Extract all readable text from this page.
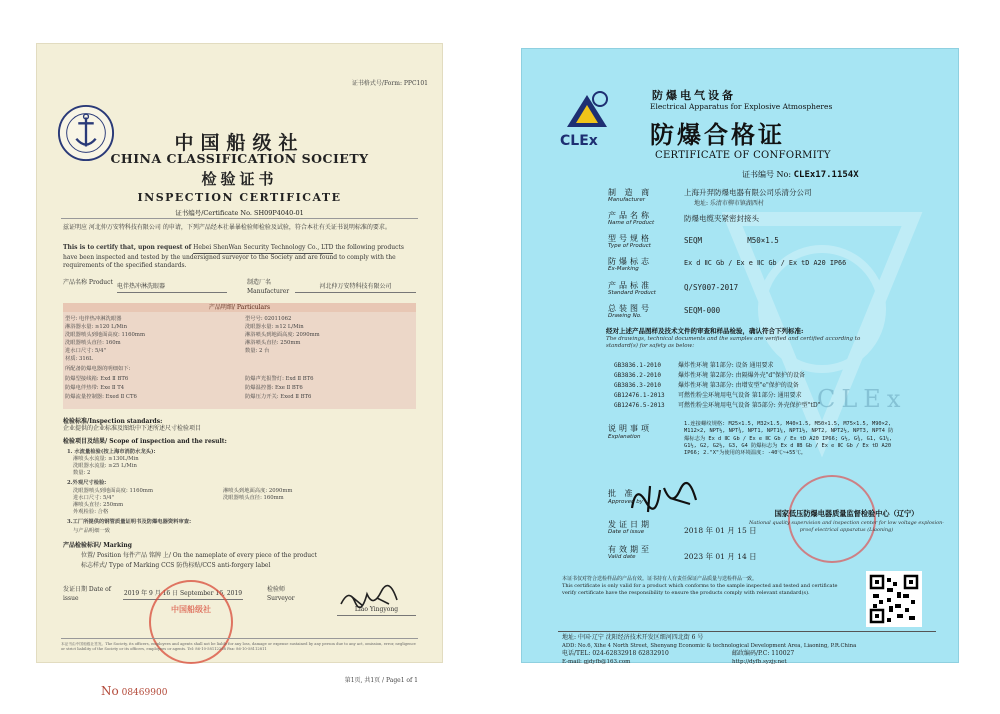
证书格式号/Form: PPC101
中国船级社
CHINA CLASSIFICATION SOCIETY
检验证书
INSPECTION CERTIFICATE
证书编号/Certificate No. SH09P4040-01
兹证明应 河北仲万安特科技有限公司 的申请，下列产品经本社暴暴检验师检验及试验，符合本社有关证书说明标准的要求。
This is to certify that, upon request of Hebei ShenWan Security Technology Co., LTD the following products have been inspected and tested by the undersigned surveyor to the Society and are found to comply with the requirements of the specified standards.
产品名称 Product
电伴热冲淋洗眼器
制造厂名 Manufacturer
河北仲万安特科技有限公司
产品明细/ Particulars
型号: 电伴热冲淋洗眼器	型号号: 02011062
淋浴器水量: ≥120 L/Min	洗眼器水量: ≥12 L/Min
洗眼器喷头到地面高度: 1160mm	淋浴喷头到地面高度: 2090mm
洗眼器喷头直径: 160m	淋浴喷头直径: 250mm
进水口尺寸: 5/4"	数量: 2 台
材质: 316L
所配备防爆电器的明细如下:
防爆型接线箱: Exd Ⅱ BT6	防爆声光报警灯: Exd Ⅱ BT6
防爆电伴热带: Exe Ⅱ T4	防爆温控器: Exe Ⅱ BT6
防爆流量控制器: Exed Ⅱ CT6	防爆压力开关: Exed Ⅱ BT6
检验标准/Inspection standards:
企业提供的企业标准及图纸中下述所述尺寸检验项目
检验项目及结果/ Scope of inspection and the result:
1. 水流量检验(按上海市消防水龙头):
淋喷头水流量: ≥130L/Min
洗眼器水流量: ≥25 L/Min
数量: 2
2.外观尺寸检验:
淋喷头到地面高度: 2090mm
洗眼器喷头到地面高度: 1160mm
进水口尺寸: 5/4"
淋喷头直径: 250mm
洗眼器喷头直径: 160mm
外观检验: 合格
3.工厂所提供的钢管质量证明书及防爆电器资料审查:
与产品明细一致
产品检验标识/ Marking
位置/ Position 每件产品 铭牌 上/ On the nameplate of every piece of the product
标志样式/ Type of Marking CCS 防伪标贴/CCS anti-forgery label
发证日期 Date of issue
2019 年 9 月 16 日 September 16, 2019
检验师 Surveyor
Liao Yingyong
中国船级社
本证书由中国船级社签发。The Society, its officers, employees and agents shall not be liable for any loss, damage or expense sustained by any person due to any act, omission, error, negligence or strict liability of the Society or its officers, employees or agents. Tel: 86-10-58112288 Fax: 86-10-58112811
第1页, 共1页 / Page1 of 1
No 08469900
CLEx
CLEx
防爆电气设备
Electrical Apparatus for Explosive Atmospheres
防爆合格证
CERTIFICATE OF CONFORMITY
证书编号 No: CLEx17.1154X
制 造 商
Manufacturer
上海升羿防爆电器有限公司乐清分公司
地址: 乐清市柳市镇湖西村
产品名称
Name of Product	防爆电缆夹紧密封接头
型号规格
Type of Product
SEQM          M50×1.5
防爆标志
Ex-Marking
Ex d ⅡC Gb / Ex e ⅡC Gb / Ex tD A20 IP66
产品标准
Standard Product
Q/SY007-2017
总装图号
Drawing No.
SEQM-000
经对上述产品图样及技术文件的审查和样品检验，确认符合下列标准:
The drawings, technical documents and the samples are verified and certified according to standard(s) for safety as below:
GB3836.1-2010	爆炸性环境 第1部分: 设备 通用要求
GB3836.2-2010	爆炸性环境 第2部分: 由隔爆外壳"d"保护的设备
GB3836.3-2010	爆炸性环境 第3部分: 由增安型"e"保护的设备
GB12476.1-2013 可燃性粉尘环境用电气设备 第1部分: 通用要求
GB12476.5-2013 可燃性粉尘环境用电气设备 第5部分: 外壳保护型"tD"
说明事项
Explanation
1.连接螺纹规格: M25×1.5, M32×1.5, M40×1.5, M50×1.5, M75×1.5, M90×2, M112×2, NPT½, NPT¾, NPT1, NPT1¼, NPT1½, NPT2, NPT2½, NPT3, NPT4 防爆标志为 Ex d ⅡC Gb / Ex e ⅡC Gb / Ex tD A20 IP66; G½, G¾, G1, G1¼, G1½, G2, G2½, G3, G4 防爆标志为 Ex d ⅡB Gb / Ex e ⅡC Gb / Ex tD A20 IP66; 2."X"为使用的环境温度: -40℃~+55℃。
批 准
Approved by
发证日期
Date of issue	2018 年 01 月 15 日
有效期至
Valid date	2023 年 01 月 14 日
国家低压防爆电器质量监督检验中心（辽宁）
National quality supervision and inspection center for low voltage explosion-proof electrical apparatus (Liaoning)
本证书仅对符合送检样品的产品有效。证书持有人有责任保证产品质量与送检样品一致。
This certificate is only valid for a product which conforms to the sample inspected and tested and certificate verify certificate have the responsibility to ensure the products comply with relevant standard(s).
地址: 中国·辽宁 沈阳经济技术开发区细河四北街 6 号
ADD: No.6, Xihe 4 North Street, Shenyang Economic & technological Development Area, Liaoning, P.R.China
电话/TEL: 024-62832918 62832910	邮政编码/P.C: 110027
E-mail: gjdyfb@163.com	http://dyfb.syzjy.net
